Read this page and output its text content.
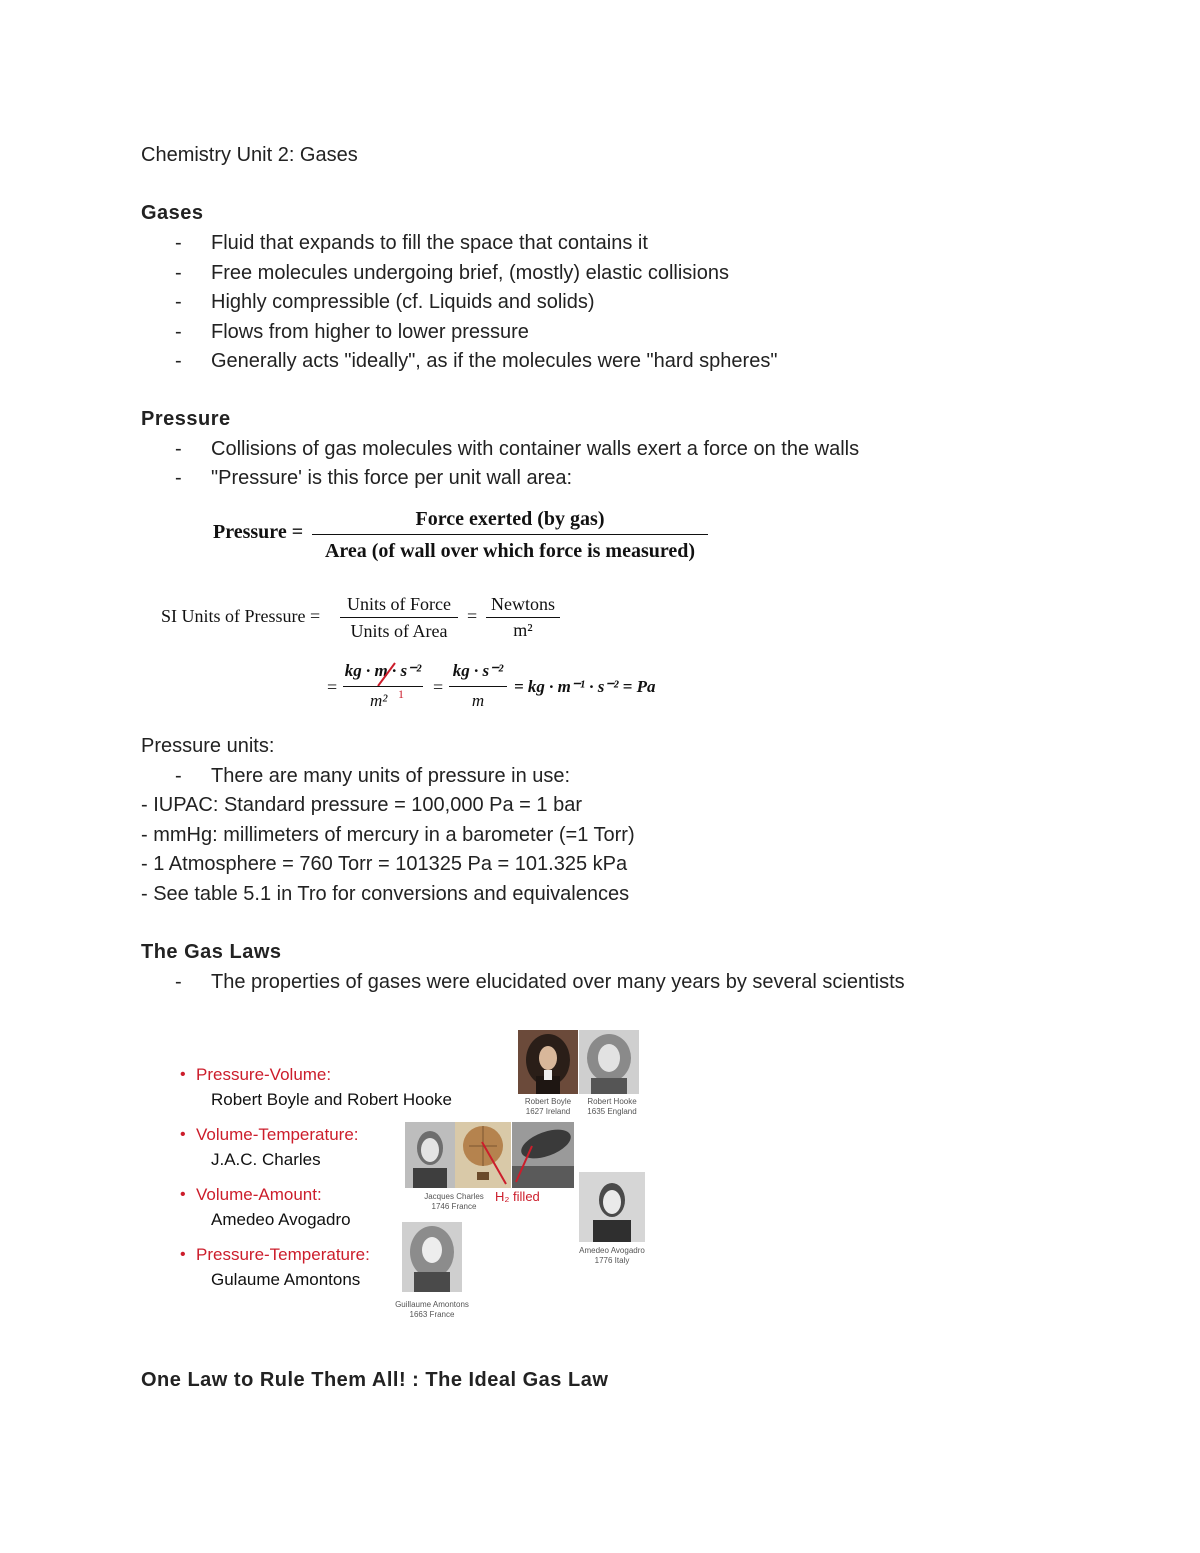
Chemistry Unit 2: Gases
Gases
- Fluid that expands to fill the space that contains it
- Free molecules undergoing brief, (mostly) elastic collisions
- Highly compressible (cf. Liquids and solids)
- Flows from higher to lower pressure
- Generally acts "ideally", as if the molecules were "hard spheres"
Pressure
- Collisions of gas molecules with container walls exert a force on the walls
- "Pressure' is this force per unit wall area:
Pressure =
Force exerted (by gas)
Area (of wall over which force is measured)
SI Units of Pressure =
Units of Force
Units of Area
=
Newtons
m²
=
kg · m · s⁻²
m² 1 =
kg · s⁻²
m
= kg · m⁻¹ · s⁻² = Pa
Pressure units:
- There are many units of pressure in use:
- IUPAC: Standard pressure = 100,000 Pa = 1 bar
- mmHg: millimeters of mercury in a barometer (=1 Torr)
- 1 Atmosphere = 760 Torr = 101325 Pa = 101.325 kPa
- See table 5.1 in Tro for conversions and equivalences
The Gas Laws
- The properties of gases were elucidated over many years by several scientists
• Pressure-Volume:
Robert Boyle and Robert Hooke
• Volume-Temperature:
J.A.C. Charles
• Volume-Amount:
Amedeo Avogadro
• Pressure-Temperature:
Gulaume Amontons
Robert Boyle
1627 Ireland
Robert Hooke
1635 England
H₂ filled
Jacques Charles
1746 France
Amedeo Avogadro
1776 Italy
Guillaume Amontons
1663 France
One Law to Rule Them All! : The Ideal Gas Law
